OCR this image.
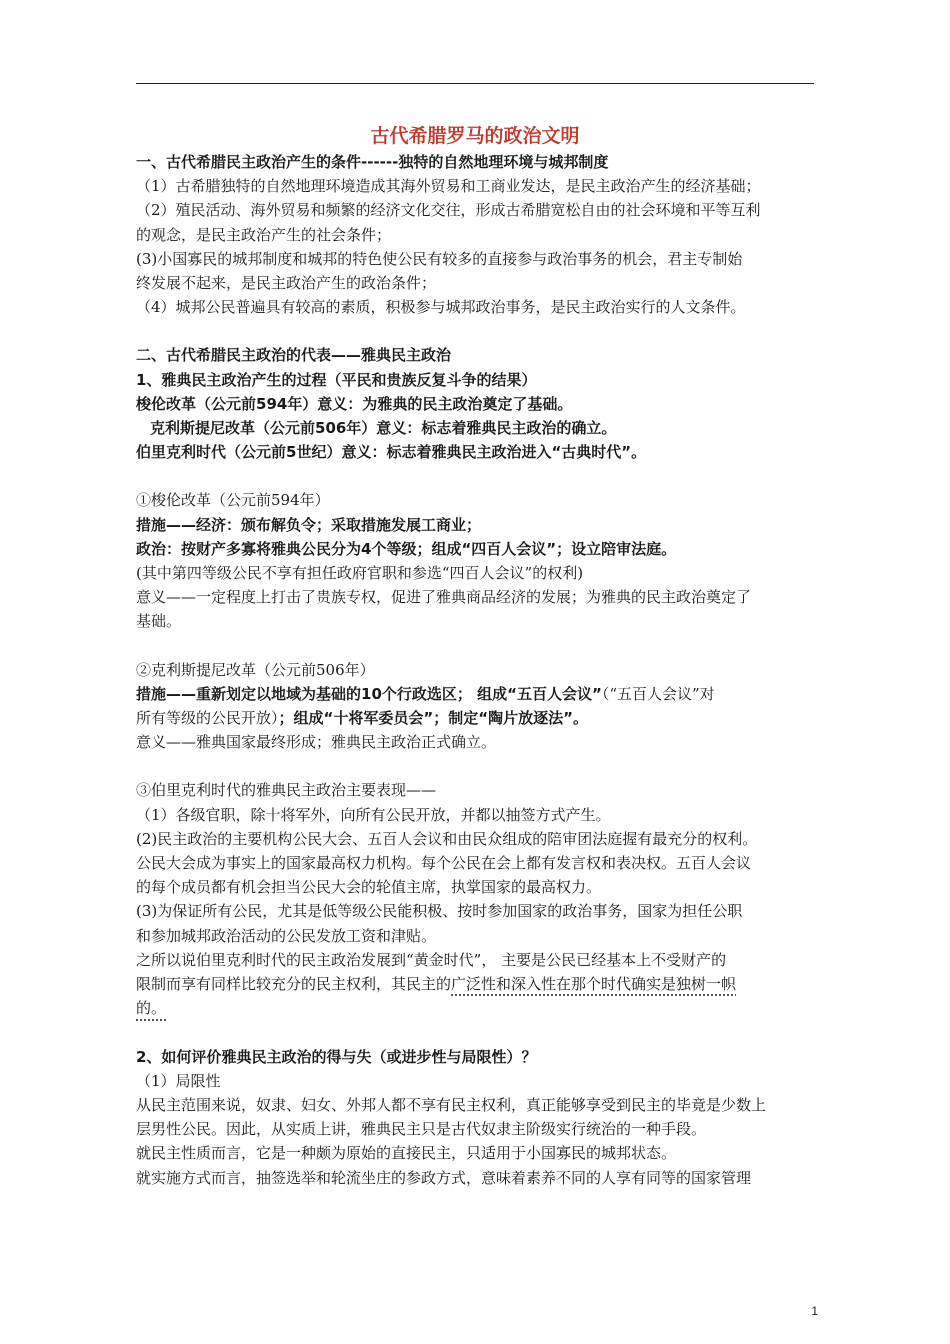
古代希腊罗马的政治文明
一、古代希腊民主政治产生的条件------独特的自然地理环境与城邦制度
（1）古希腊独特的自然地理环境造成其海外贸易和工商业发达，是民主政治产生的经济基础；
（2）殖民活动、海外贸易和频繁的经济文化交往，形成古希腊宽松自由的社会环境和平等互利
的观念，是民主政治产生的社会条件；
(3)小国寡民的城邦制度和城邦的特色使公民有较多的直接参与政治事务的机会，君主专制始
终发展不起来，是民主政治产生的政治条件；
（4）城邦公民普遍具有较高的素质，积极参与城邦政治事务，是民主政治实行的人文条件。
二、古代希腊民主政治的代表——雅典民主政治
1、雅典民主政治产生的过程（平民和贵族反复斗争的结果）
梭伦改革（公元前594年）意义：为雅典的民主政治奠定了基础。
克利斯提尼改革（公元前506年）意义：标志着雅典民主政治的确立。
伯里克利时代（公元前5世纪）意义：标志着雅典民主政治进入“古典时代”。
①梭伦改革（公元前594年）
措施——经济：颁布解负令；采取措施发展工商业；
政治：按财产多寡将雅典公民分为4个等级；组成“四百人会议”；设立陪审法庭。
(其中第四等级公民不享有担任政府官职和参选“四百人会议”的权利)
意义——一定程度上打击了贵族专权，促进了雅典商品经济的发展；为雅典的民主政治奠定了
基础。
②克利斯提尼改革（公元前506年）
措施——重新划定以地域为基础的10个行政选区； 组成“五百人会议”（“五百人会议”对
所有等级的公民开放）；组成“十将军委员会”；制定“陶片放逐法”。
意义——雅典国家最终形成；雅典民主政治正式确立。
③伯里克利时代的雅典民主政治主要表现——
（1）各级官职，除十将军外，向所有公民开放，并都以抽签方式产生。
(2)民主政治的主要机构公民大会、五百人会议和由民众组成的陪审团法庭握有最充分的权利。
公民大会成为事实上的国家最高权力机构。每个公民在会上都有发言权和表决权。五百人会议
的每个成员都有机会担当公民大会的轮值主席，执掌国家的最高权力。
(3)为保证所有公民，尤其是低等级公民能积极、按时参加国家的政治事务，国家为担任公职
和参加城邦政治活动的公民发放工资和津贴。
之所以说伯里克利时代的民主政治发展到“黄金时代”， 主要是公民已经基本上不受财产的
限制而享有同样比较充分的民主权利，其民主的广泛性和深入性在那个时代确实是独树一帜
的。
2、如何评价雅典民主政治的得与失（或进步性与局限性）？
（1）局限性
从民主范围来说，奴隶、妇女、外邦人都不享有民主权利，真正能够享受到民主的毕竟是少数上
层男性公民。因此，从实质上讲，雅典民主只是古代奴隶主阶级实行统治的一种手段。
就民主性质而言，它是一种颇为原始的直接民主，只适用于小国寡民的城邦状态。
就实施方式而言，抽签选举和轮流坐庄的参政方式，意味着素养不同的人享有同等的国家管理
1
